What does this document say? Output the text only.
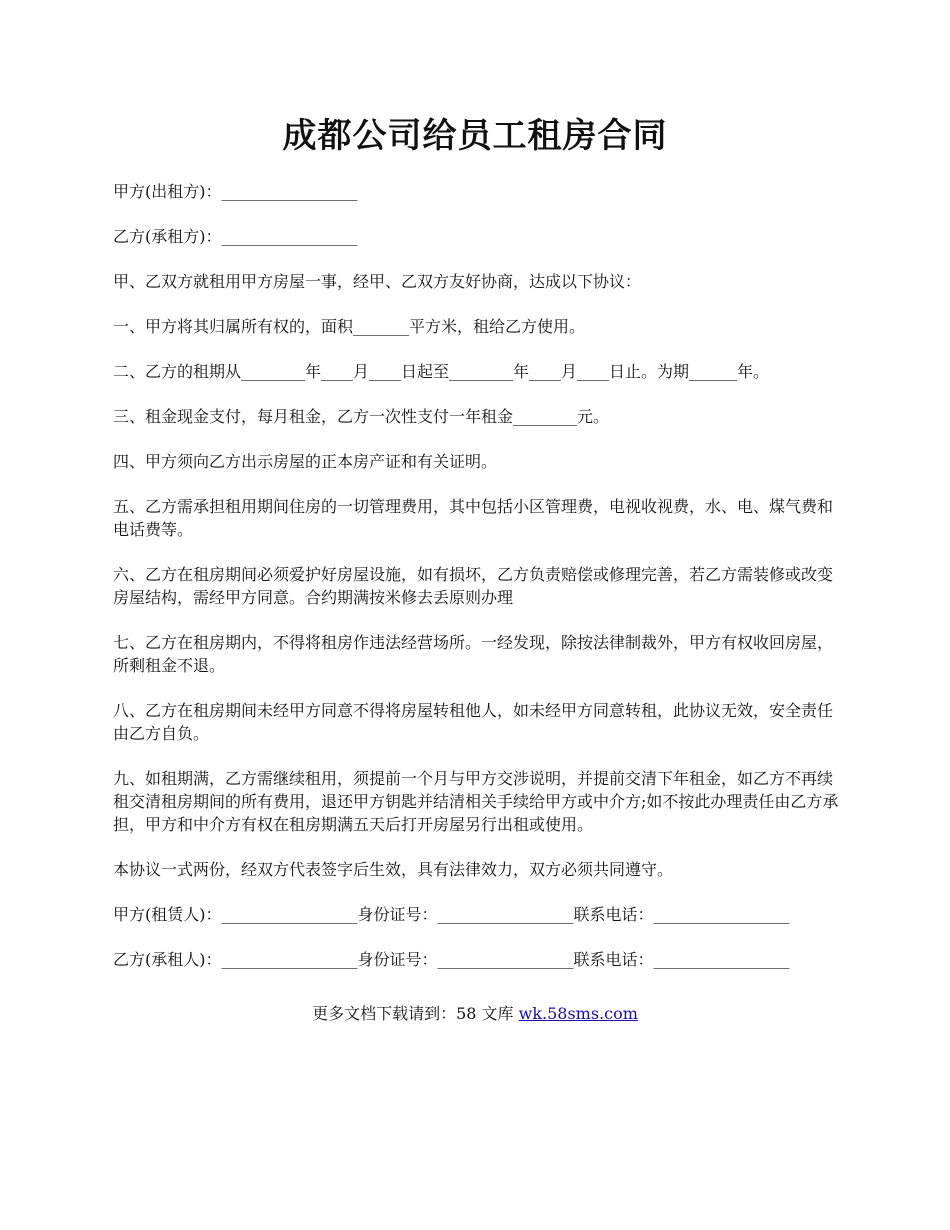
成都公司给员工租房合同

甲方(出租方)：_________________

乙方(承租方)：_________________

甲、乙双方就租用甲方房屋一事，经甲、乙双方友好协商，达成以下协议：

一、甲方将其归属所有权的，面积_______平方米，租给乙方使用。

二、乙方的租期从________年____月____日起至________年____月____日止。为期______年。

三、租金现金支付，每月租金，乙方一次性支付一年租金________元。

四、甲方须向乙方出示房屋的正本房产证和有关证明。

五、乙方需承担租用期间住房的一切管理费用，其中包括小区管理费，电视收视费，水、电、煤气费和电话费等。

六、乙方在租房期间必须爱护好房屋设施，如有损坏，乙方负责赔偿或修理完善，若乙方需装修或改变房屋结构，需经甲方同意。合约期满按米修去丢原则办理

七、乙方在租房期内，不得将租房作违法经营场所。一经发现，除按法律制裁外，甲方有权收回房屋，所剩租金不退。

八、乙方在租房期间未经甲方同意不得将房屋转租他人，如未经甲方同意转租，此协议无效，安全责任由乙方自负。

九、如租期满，乙方需继续租用，须提前一个月与甲方交涉说明，并提前交清下年租金，如乙方不再续租交清租房期间的所有费用，退还甲方钥匙并结清相关手续给甲方或中介方;如不按此办理责任由乙方承担，甲方和中介方有权在租房期满五天后打开房屋另行出租或使用。

本协议一式两份，经双方代表签字后生效，具有法律效力，双方必须共同遵守。

甲方(租赁人)：_________________身份证号：_________________联系电话：_________________

乙方(承租人)：_________________身份证号：_________________联系电话：_________________

更多文档下载请到：58 文库 wk.58sms.com
